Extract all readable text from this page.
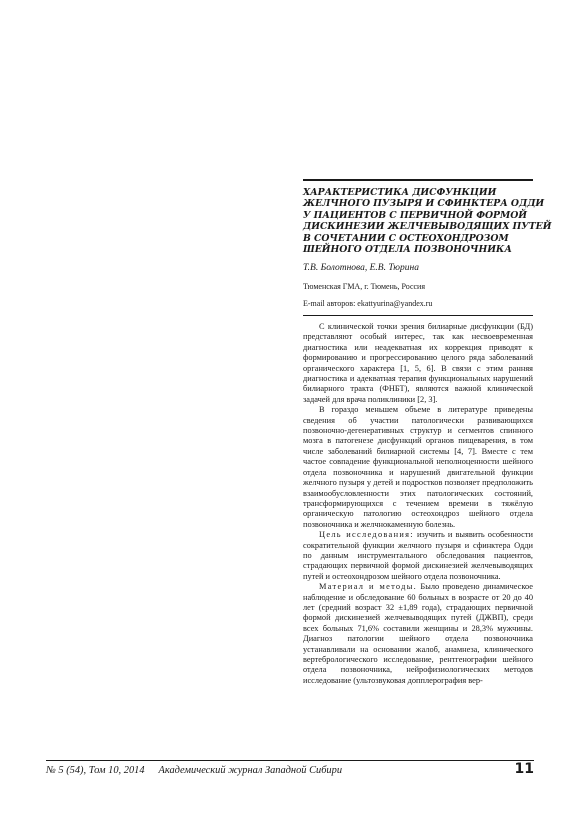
ХАРАКТЕРИСТИКА ДИСФУНКЦИИ
ЖЕЛЧНОГО ПУЗЫРЯ И СФИНКТЕРА ОДДИ
У ПАЦИЕНТОВ С ПЕРВИЧНОЙ ФОРМОЙ
ДИСКИНЕЗИИ ЖЕЛЧЕВЫВОДЯЩИХ ПУТЕЙ
В СОЧЕТАНИИ С ОСТЕОХОНДРОЗОМ
ШЕЙНОГО ОТДЕЛА ПОЗВОНОЧНИКА

Т.В. Болотнова, Е.В. Тюрина

Тюменская ГМА, г. Тюмень, Россия

E-mail авторов: ekattyurina@yandex.ru

С клинической точки зрения билиарные дисфункции (БД) представляют особый интерес, так как несвоевременная диагностика или неадекватная их коррекция приводят к формированию и прогрессированию целого ряда заболеваний органического характера [1, 5, 6]. В связи с этим ранняя диагностика и адекватная терапия функциональных нарушений билиарного тракта (ФНБТ), являются важной клинической задачей для врача поликлиники [2, 3].

В гораздо меньшем объеме в литературе приведены сведения об участии патологически развивающихся позвоночно-дегенеративных структур и сегментов спинного мозга в патогенезе дисфункций органов пищеварения, в том числе заболеваний билиарной системы [4, 7]. Вместе с тем частое совпадение функциональной неполноценности шейного отдела позвоночника и нарушений двигательной функции желчного пузыря у детей и подростков позволяет предположить взаимообусловленности этих патологических состояний, трансформирующихся с течением времени в тяжёлую органическую патологию остеохондроз шейного отдела позвоночника и желчнокаменную болезнь.

Цель исследования: изучить и выявить особенности сократительной функции желчного пузыря и сфинктера Одди по данным инструментального обследования пациентов, страдающих первичной формой дискинезией желчевыводящих путей и остеохондрозом шейного отдела позвоночника.

Материал и методы. Было проведено динамическое наблюдение и обследование 60 больных в возрасте от 20 до 40 лет (средний возраст 32 ±1,89 года), страдающих первичной формой дискинезией желчевыводящих путей (ДЖВП), среди всех больных 71,6% составили женщины и 28,3% мужчины. Диагноз патологии шейного отдела позвоночника устанавливали на основании жалоб, анамнеза, клинического вертебрологического исследование, рентгенографии шейного отдела позвоночника, нейрофизиологических методов исследование (ультозвуковая допплерография вер-

№ 5 (54), Том 10, 2014 Академический журнал Западной Сибири	11
